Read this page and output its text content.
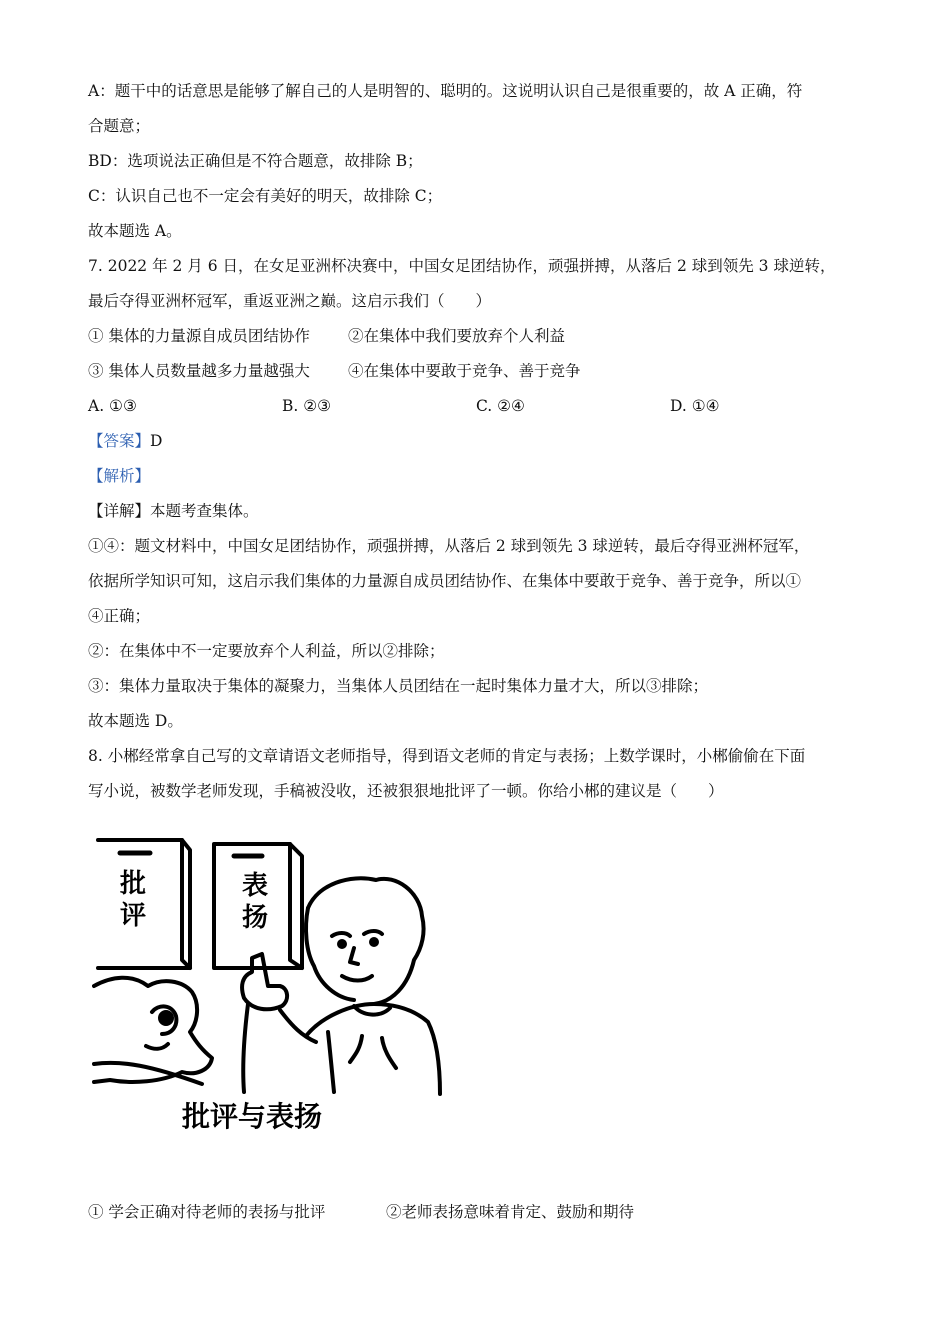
A：题干中的话意思是能够了解自己的人是明智的、聪明的。这说明认识自己是很重要的，故 A 正确，符
合题意；
BD：选项说法正确但是不符合题意，故排除 B；
C：认识自己也不一定会有美好的明天，故排除 C；
故本题选 A。
7. 2022 年 2 月 6 日，在女足亚洲杯决赛中，中国女足团结协作，顽强拼搏，从落后 2 球到领先 3 球逆转，
最后夺得亚洲杯冠军，重返亚洲之巅。这启示我们（　　）
① 集体的力量源自成员团结协作 ②在集体中我们要放弃个人利益
③ 集体人员数量越多力量越强大 ④在集体中要敢于竞争、善于竞争
A. ①③	B. ②③	C. ②④	D. ①④
【答案】D
【解析】
【详解】本题考查集体。
①④：题文材料中，中国女足团结协作，顽强拼搏，从落后 2 球到领先 3 球逆转，最后夺得亚洲杯冠军，
依据所学知识可知，这启示我们集体的力量源自成员团结协作、在集体中要敢于竞争、善于竞争，所以①
④正确；
②：在集体中不一定要放弃个人利益，所以②排除；
③：集体力量取决于集体的凝聚力，当集体人员团结在一起时集体力量才大，所以③排除；
故本题选 D。
8. 小郴经常拿自己写的文章请语文老师指导，得到语文老师的肯定与表扬；上数学课时，小郴偷偷在下面
写小说，被数学老师发现，手稿被没收，还被狠狠地批评了一顿。你给小郴的建议是（　　）
批
评
表
扬
批评与表扬
① 学会正确对待老师的表扬与批评	②老师表扬意味着肯定、鼓励和期待
